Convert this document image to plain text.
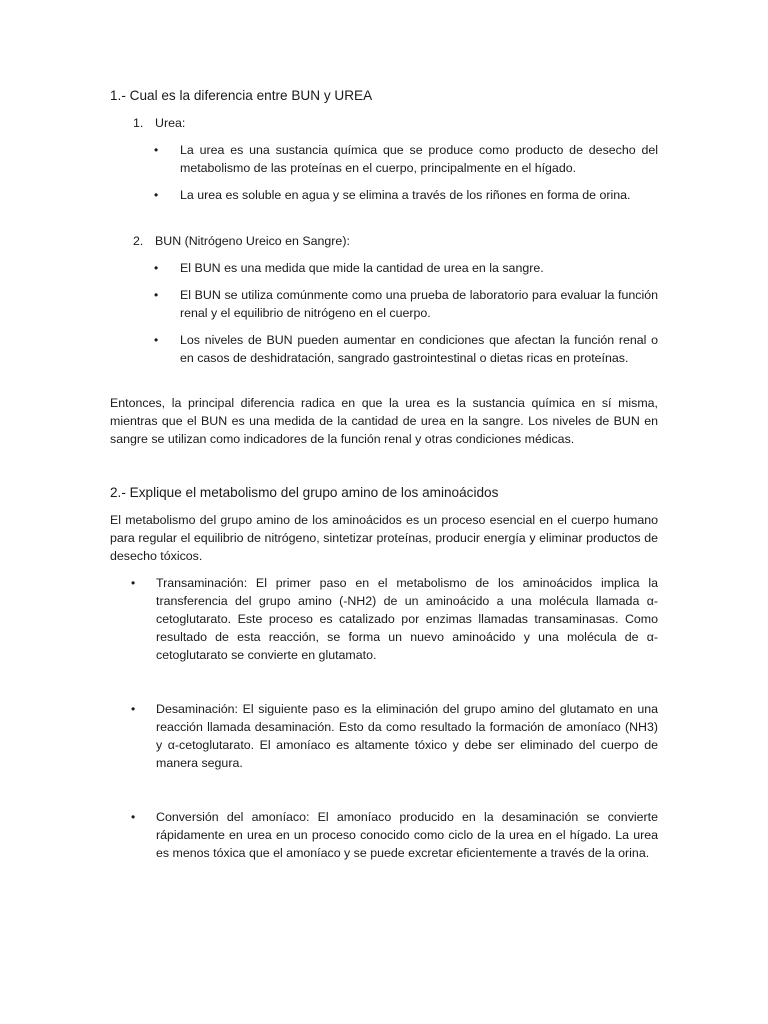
1.- Cual es la diferencia entre BUN y UREA
1. Urea:
• La urea es una sustancia química que se produce como producto de desecho del metabolismo de las proteínas en el cuerpo, principalmente en el hígado.
• La urea es soluble en agua y se elimina a través de los riñones en forma de orina.
2. BUN (Nitrógeno Ureico en Sangre):
• El BUN es una medida que mide la cantidad de urea en la sangre.
• El BUN se utiliza comúnmente como una prueba de laboratorio para evaluar la función renal y el equilibrio de nitrógeno en el cuerpo.
• Los niveles de BUN pueden aumentar en condiciones que afectan la función renal o en casos de deshidratación, sangrado gastrointestinal o dietas ricas en proteínas.
Entonces, la principal diferencia radica en que la urea es la sustancia química en sí misma, mientras que el BUN es una medida de la cantidad de urea en la sangre. Los niveles de BUN en sangre se utilizan como indicadores de la función renal y otras condiciones médicas.
2.- Explique el metabolismo del grupo amino de los aminoácidos
El metabolismo del grupo amino de los aminoácidos es un proceso esencial en el cuerpo humano para regular el equilibrio de nitrógeno, sintetizar proteínas, producir energía y eliminar productos de desecho tóxicos.
• Transaminación: El primer paso en el metabolismo de los aminoácidos implica la transferencia del grupo amino (-NH2) de un aminoácido a una molécula llamada α-cetoglutarato. Este proceso es catalizado por enzimas llamadas transaminasas. Como resultado de esta reacción, se forma un nuevo aminoácido y una molécula de α-cetoglutarato se convierte en glutamato.
• Desaminación: El siguiente paso es la eliminación del grupo amino del glutamato en una reacción llamada desaminación. Esto da como resultado la formación de amoníaco (NH3) y α-cetoglutarato. El amoníaco es altamente tóxico y debe ser eliminado del cuerpo de manera segura.
• Conversión del amoníaco: El amoníaco producido en la desaminación se convierte rápidamente en urea en un proceso conocido como ciclo de la urea en el hígado. La urea es menos tóxica que el amoníaco y se puede excretar eficientemente a través de la orina.
